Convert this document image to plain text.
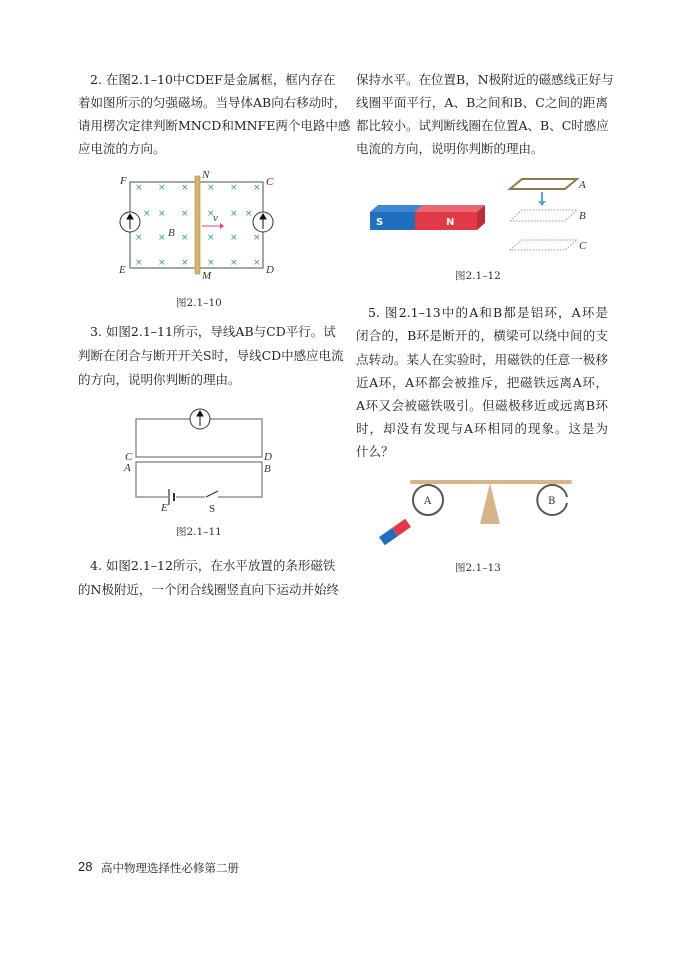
2. 在图2.1–10中CDEF是金属框，框内存在
着如图所示的匀强磁场。当导体AB向右移动时，
请用楞次定律判断MNCD和MNFE两个电路中感
应电流的方向。
× × × × × ×
× × × × × ×
× × × × × ×
× × × × × ×
F	N
C
E	M	D
B
v
C	D
A	B
E	S
S	N
A
B
C
A	B
图2.1–10
3. 如图2.1–11所示，导线AB与CD平行。试
判断在闭合与断开开关S时，导线CD中感应电流
的方向，说明你判断的理由。
图2.1–11
4. 如图2.1–12所示，在水平放置的条形磁铁
的N极附近，一个闭合线圈竖直向下运动并始终
保持水平。在位置B，N极附近的磁感线正好与
线圈平面平行，A、B之间和B、C之间的距离
都比较小。试判断线圈在位置A、B、C时感应
电流的方向，说明你判断的理由。
图2.1–12
5. 图2.1–13中的A和B都是铝环，A环是
闭合的，B环是断开的，横梁可以绕中间的支
点转动。某人在实验时，用磁铁的任意一极移
近A环，A环都会被推斥，把磁铁远离A环，
A环又会被磁铁吸引。但磁极移近或远离B环
时，却没有发现与A环相同的现象。这是为
什么？
图2.1–13
28 高中物理选择性必修第二册
